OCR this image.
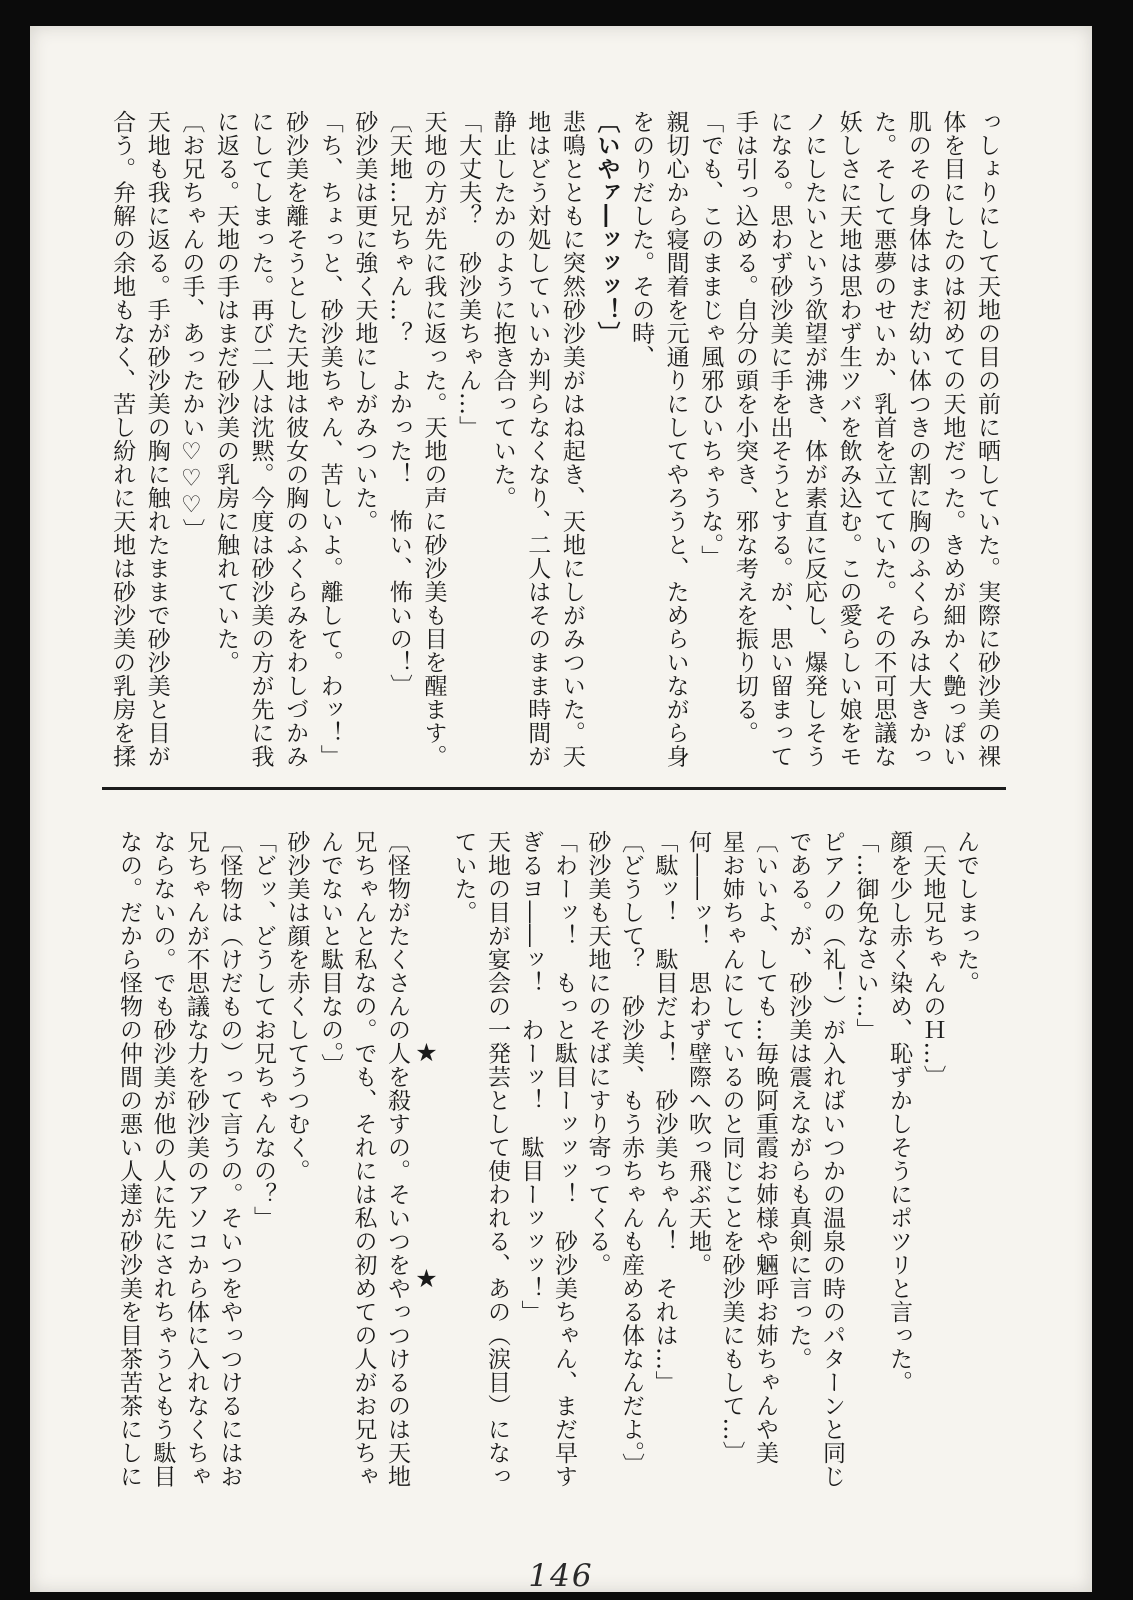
っしょりにして天地の目の前に晒していた。実際に砂沙美の裸

体を目にしたのは初めての天地だった。きめが細かく艶っぽい

肌のその身体はまだ幼い体つきの割に胸のふくらみは大きかっ

た。そして悪夢のせいか、乳首を立てていた。その不可思議な

妖しさに天地は思わず生ツバを飲み込む。この愛らしい娘をモ

ノにしたいという欲望が沸き、体が素直に反応し、爆発しそう

になる。思わず砂沙美に手を出そうとする。が、思い留まって

手は引っ込める。自分の頭を小突き、邪な考えを振り切る。

「でも、このままじゃ風邪ひいちゃうな。」

親切心から寝間着を元通りにしてやろうと、ためらいながら身

をのりだした。その時、

〔いやァ―ッッッ！〕

悲鳴とともに突然砂沙美がはね起き、天地にしがみついた。天

地はどう対処していいか判らなくなり、二人はそのまま時間が

静止したかのように抱き合っていた。

「大丈夫？　砂沙美ちゃん…」

天地の方が先に我に返った。天地の声に砂沙美も目を醒ます。

〔天地…兄ちゃん…？　よかった！　怖い、怖いの！〕

砂沙美は更に強く天地にしがみついた。

「ち、ちょっと、砂沙美ちゃん、苦しいよ。離して。わッ！」

砂沙美を離そうとした天地は彼女の胸のふくらみをわしづかみ

にしてしまった。再び二人は沈黙。今度は砂沙美の方が先に我

に返る。天地の手はまだ砂沙美の乳房に触れていた。

〔お兄ちゃんの手、あったかい♡♡♡〕

天地も我に返る。手が砂沙美の胸に触れたままで砂沙美と目が

合う。弁解の余地もなく、苦し紛れに天地は砂沙美の乳房を揉

んでしまった。

〔天地兄ちゃんのＨ…〕

顔を少し赤く染め、恥ずかしそうにポツリと言った。

「…御免なさい…」

ピアノの（礼！）が入ればいつかの温泉の時のパターンと同じ

である。が、砂沙美は震えながらも真剣に言った。

〔いいよ、しても…毎晩阿重霞お姉様や魎呼お姉ちゃんや美

星お姉ちゃんにしているのと同じことを砂沙美にもして…〕

何――ッ！　思わず壁際へ吹っ飛ぶ天地。

「駄ッ！　駄目だよ！　砂沙美ちゃん！　それは…」

〔どうして？　砂沙美、もう赤ちゃんも産める体なんだよ。〕

砂沙美も天地にのそばにすり寄ってくる。

「わーッ！　もっと駄目ーッッッ！　砂沙美ちゃん、まだ早す

ぎるヨ――ッ！　わーッ！　駄目ーッッッ！」

天地の目が宴会の一発芸として使われる、あの（涙目）になっ

ていた。

★
★

〔怪物がたくさんの人を殺すの。そいつをやっつけるのは天地

兄ちゃんと私なの。でも、それには私の初めての人がお兄ちゃ

んでないと駄目なの。〕

砂沙美は顔を赤くしてうつむく。

「どッ、どうしてお兄ちゃんなの？」

〔怪物は（けだもの）って言うの。そいつをやっつけるにはお

兄ちゃんが不思議な力を砂沙美のアソコから体に入れなくちゃ

ならないの。でも砂沙美が他の人に先にされちゃうともう駄目

なの。だから怪物の仲間の悪い人達が砂沙美を目茶苦茶にしに

146
